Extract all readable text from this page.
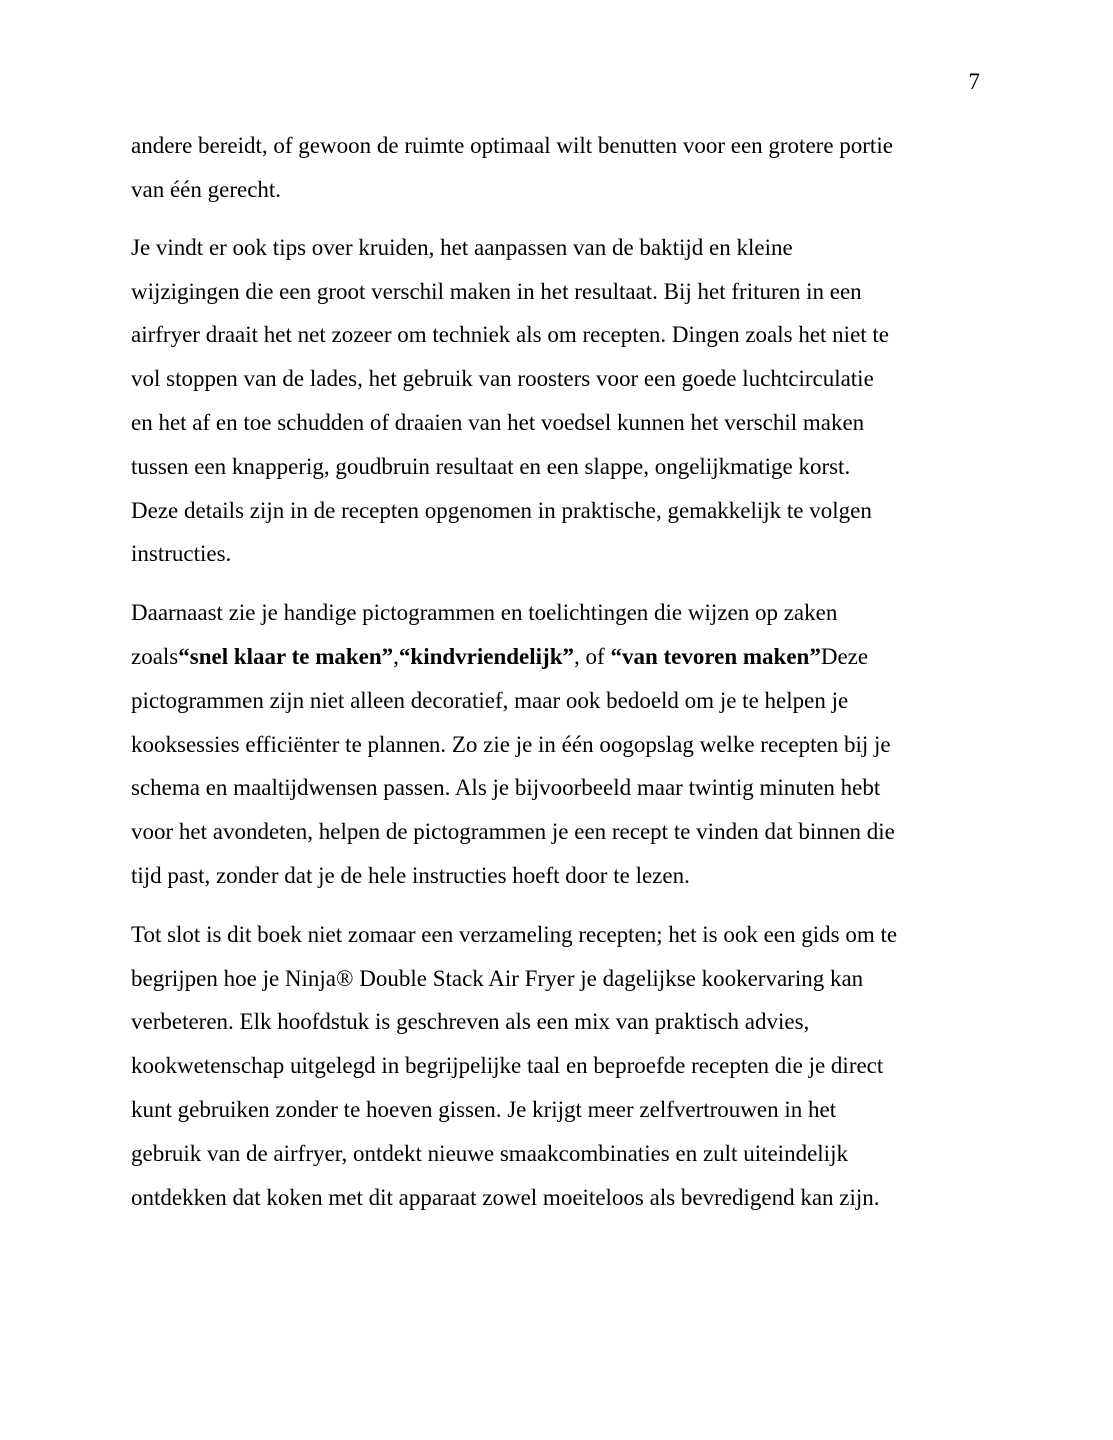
7
andere bereidt, of gewoon de ruimte optimaal wilt benutten voor een grotere portie
van één gerecht.
Je vindt er ook tips over kruiden, het aanpassen van de baktijd en kleine
wijzigingen die een groot verschil maken in het resultaat. Bij het frituren in een
airfryer draait het net zozeer om techniek als om recepten. Dingen zoals het niet te
vol stoppen van de lades, het gebruik van roosters voor een goede luchtcirculatie
en het af en toe schudden of draaien van het voedsel kunnen het verschil maken
tussen een knapperig, goudbruin resultaat en een slappe, ongelijkmatige korst.
Deze details zijn in de recepten opgenomen in praktische, gemakkelijk te volgen
instructies.
Daarnaast zie je handige pictogrammen en toelichtingen die wijzen op zaken
zoals“snel klaar te maken”,“kindvriendelijk”, of “van tevoren maken”Deze
pictogrammen zijn niet alleen decoratief, maar ook bedoeld om je te helpen je
kooksessies efficiënter te plannen. Zo zie je in één oogopslag welke recepten bij je
schema en maaltijdwensen passen. Als je bijvoorbeeld maar twintig minuten hebt
voor het avondeten, helpen de pictogrammen je een recept te vinden dat binnen die
tijd past, zonder dat je de hele instructies hoeft door te lezen.
Tot slot is dit boek niet zomaar een verzameling recepten; het is ook een gids om te
begrijpen hoe je Ninja® Double Stack Air Fryer je dagelijkse kookervaring kan
verbeteren. Elk hoofdstuk is geschreven als een mix van praktisch advies,
kookwetenschap uitgelegd in begrijpelijke taal en beproefde recepten die je direct
kunt gebruiken zonder te hoeven gissen. Je krijgt meer zelfvertrouwen in het
gebruik van de airfryer, ontdekt nieuwe smaakcombinaties en zult uiteindelijk
ontdekken dat koken met dit apparaat zowel moeiteloos als bevredigend kan zijn.
